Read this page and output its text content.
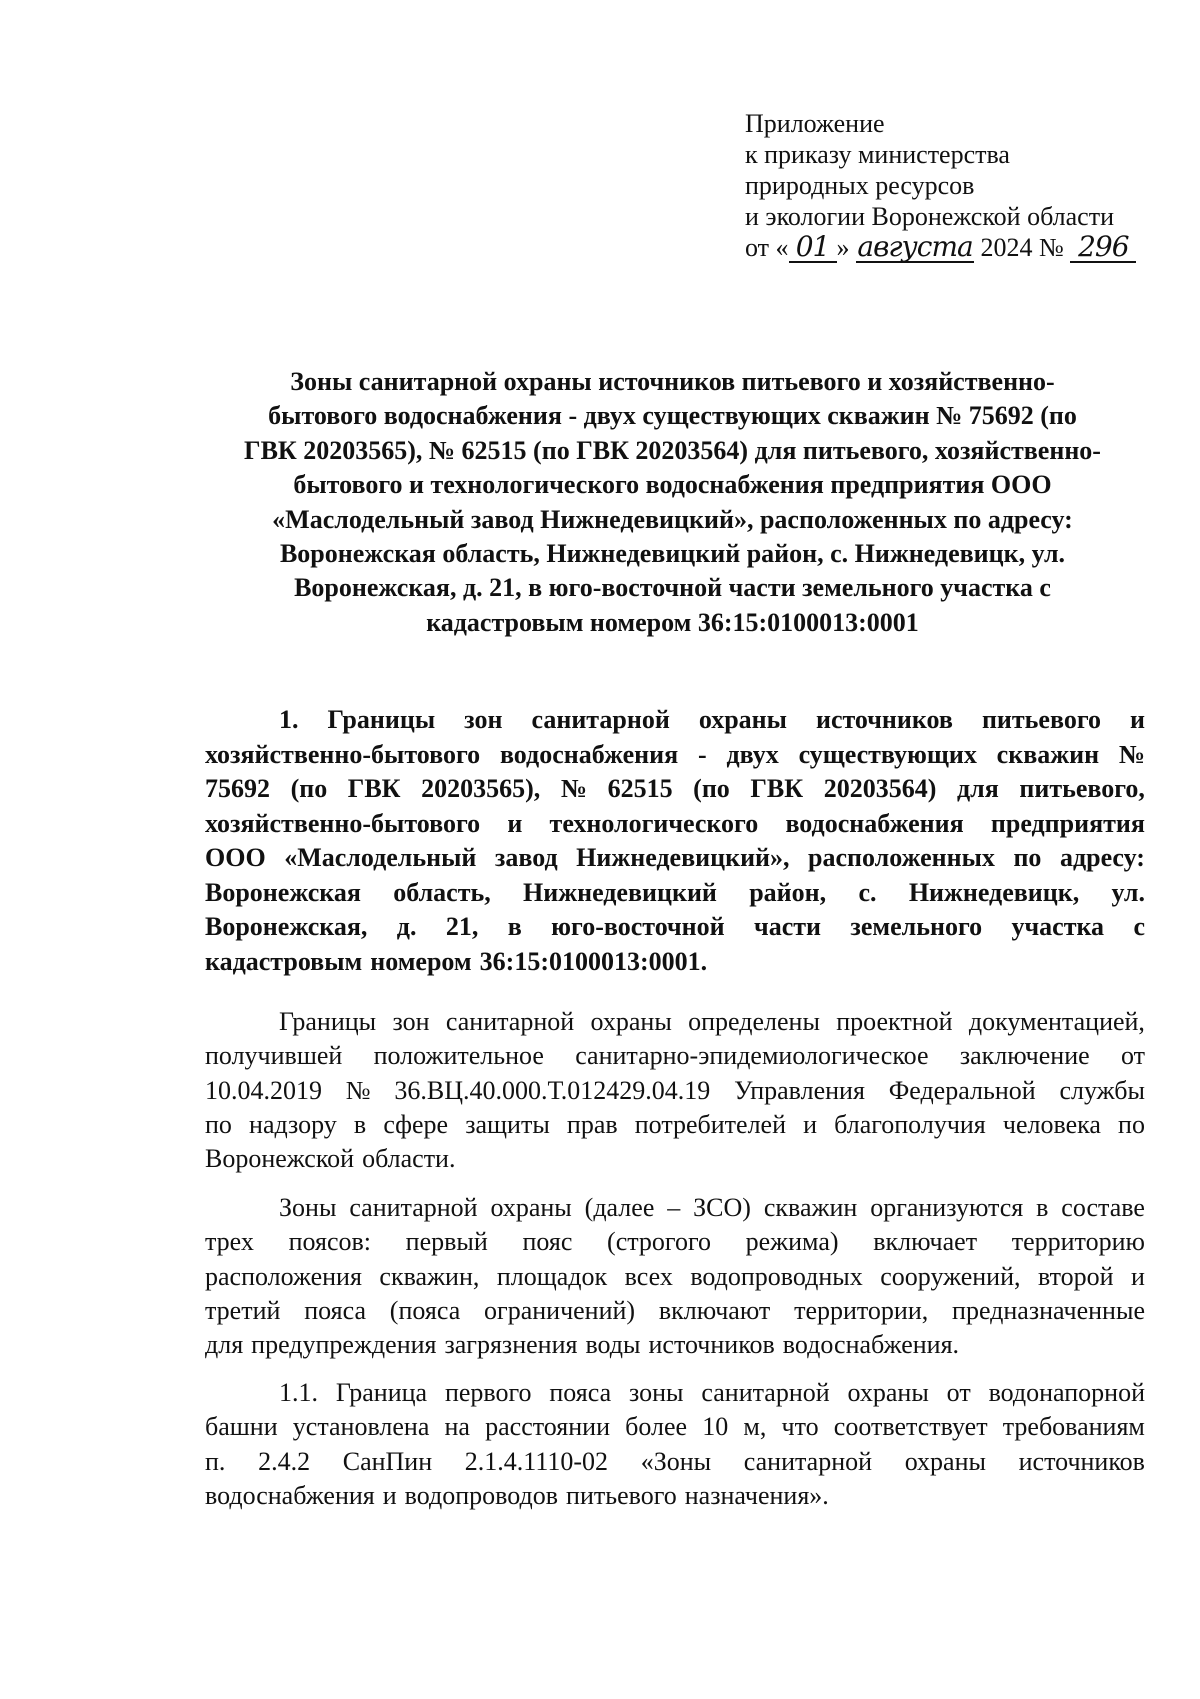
Приложение
к приказу министерства
природных ресурсов
и экологии Воронежской области
от « 01 » августа 2024 № 296
Зоны санитарной охраны источников питьевого и хозяйственно-
бытового водоснабжения - двух существующих скважин № 75692 (по
ГВК 20203565), № 62515 (по ГВК 20203564) для питьевого, хозяйственно-
бытового и технологического водоснабжения предприятия ООО
«Маслодельный завод Нижнедевицкий», расположенных по адресу:
Воронежская область, Нижнедевицкий район, с. Нижнедевицк, ул.
Воронежская, д. 21, в юго-восточной части земельного участка с
кадастровым номером 36:15:0100013:0001
1. Границы зон санитарной охраны источников питьевого и
хозяйственно-бытового водоснабжения - двух существующих скважин №
75692 (по ГВК 20203565), № 62515 (по ГВК 20203564) для питьевого,
хозяйственно-бытового и технологического водоснабжения предприятия
ООО «Маслодельный завод Нижнедевицкий», расположенных по адресу:
Воронежская область, Нижнедевицкий район, с. Нижнедевицк, ул.
Воронежская, д. 21, в юго-восточной части земельного участка с
кадастровым номером 36:15:0100013:0001.
Границы зон санитарной охраны определены проектной документацией,
получившей положительное санитарно-эпидемиологическое заключение от
10.04.2019 № 36.ВЦ.40.000.Т.012429.04.19 Управления Федеральной службы
по надзору в сфере защиты прав потребителей и благополучия человека по
Воронежской области.
Зоны санитарной охраны (далее – ЗСО) скважин организуются в составе
трех поясов: первый пояс (строгого режима) включает территорию
расположения скважин, площадок всех водопроводных сооружений, второй и
третий пояса (пояса ограничений) включают территории, предназначенные
для предупреждения загрязнения воды источников водоснабжения.
1.1. Граница первого пояса зоны санитарной охраны от водонапорной
башни установлена на расстоянии более 10 м, что соответствует требованиям
п. 2.4.2 СанПин 2.1.4.1110-02 «Зоны санитарной охраны источников
водоснабжения и водопроводов питьевого назначения».
